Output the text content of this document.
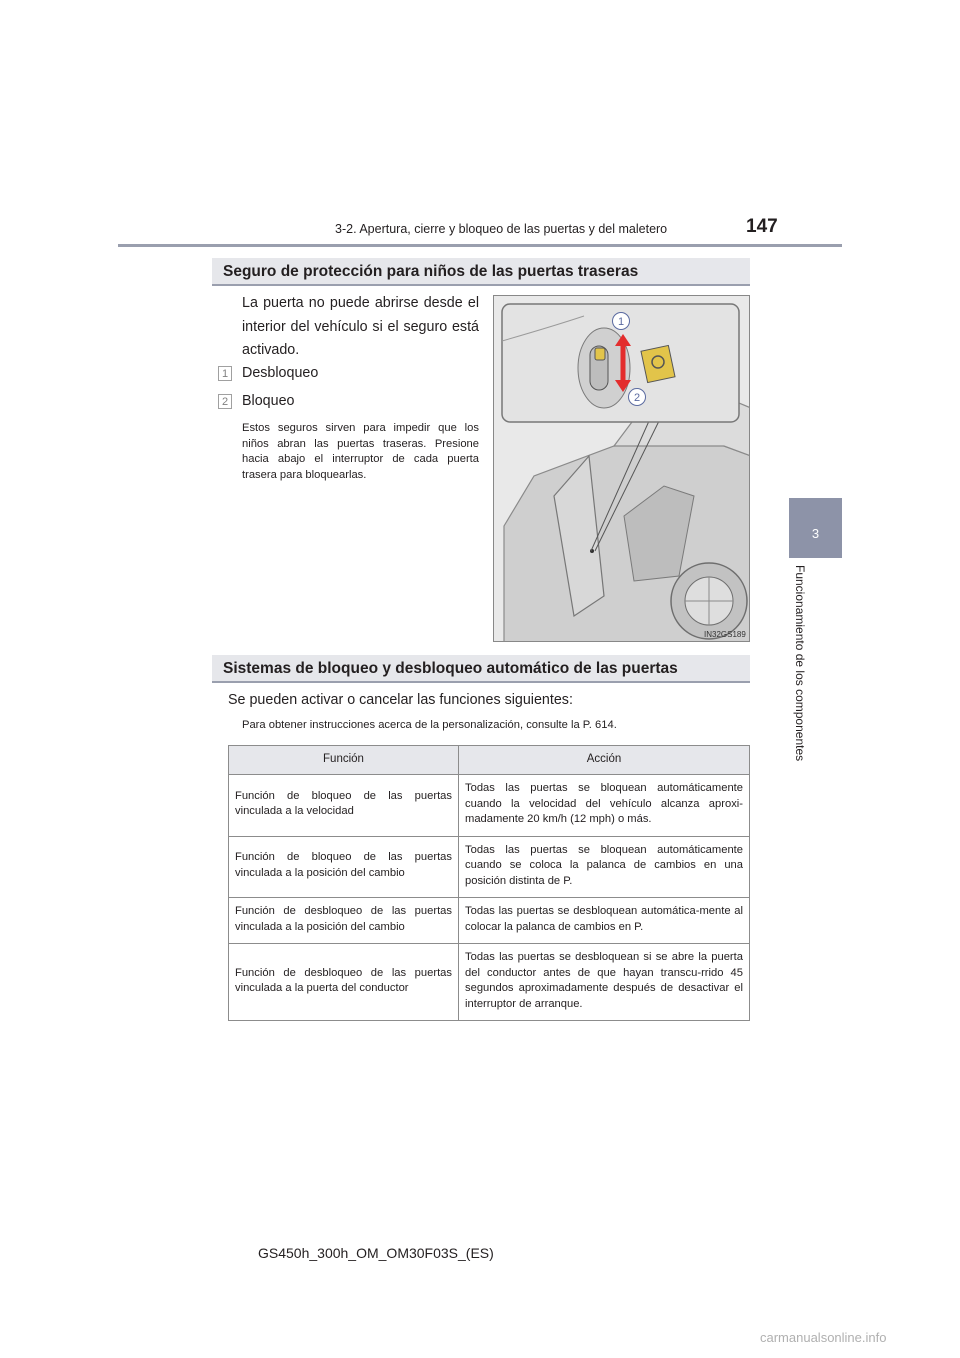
3-2. Apertura, cierre y bloqueo de las puertas y del maletero	147
3
Funcionamiento de los componentes
Seguro de protección para niños de las puertas traseras
La puerta no puede abrirse desde el interior del vehículo si el seguro está activado.
1 Desbloqueo
2 Bloqueo
Estos seguros sirven para impedir que los niños abran las puertas traseras. Presione hacia abajo el interruptor de cada puerta trasera para bloquearlas.
1
2
IN32GS189
Sistemas de bloqueo y desbloqueo automático de las puertas
Se pueden activar o cancelar las funciones siguientes:
Para obtener instrucciones acerca de la personalización, consulte la P. 614.
Función	Acción
Función de bloqueo de las puertas vinculada a la velocidad	Todas las puertas se bloquean automáticamente cuando la velocidad del vehículo alcanza aproxi-madamente 20 km/h (12 mph) o más.
Función de bloqueo de las puertas vinculada a la posición del cambio	Todas las puertas se bloquean automáticamente cuando se coloca la palanca de cambios en una posición distinta de P.
Función de desbloqueo de las puertas vinculada a la posición del cambio	Todas las puertas se desbloquean automática-mente al colocar la palanca de cambios en P.
Función de desbloqueo de las puertas vinculada a la puerta del conductor	Todas las puertas se desbloquean si se abre la puerta del conductor antes de que hayan transcu-rrido 45 segundos aproximadamente después de desactivar el interruptor de arranque.
GS450h_300h_OM_OM30F03S_(ES)
carmanualsonline.info
